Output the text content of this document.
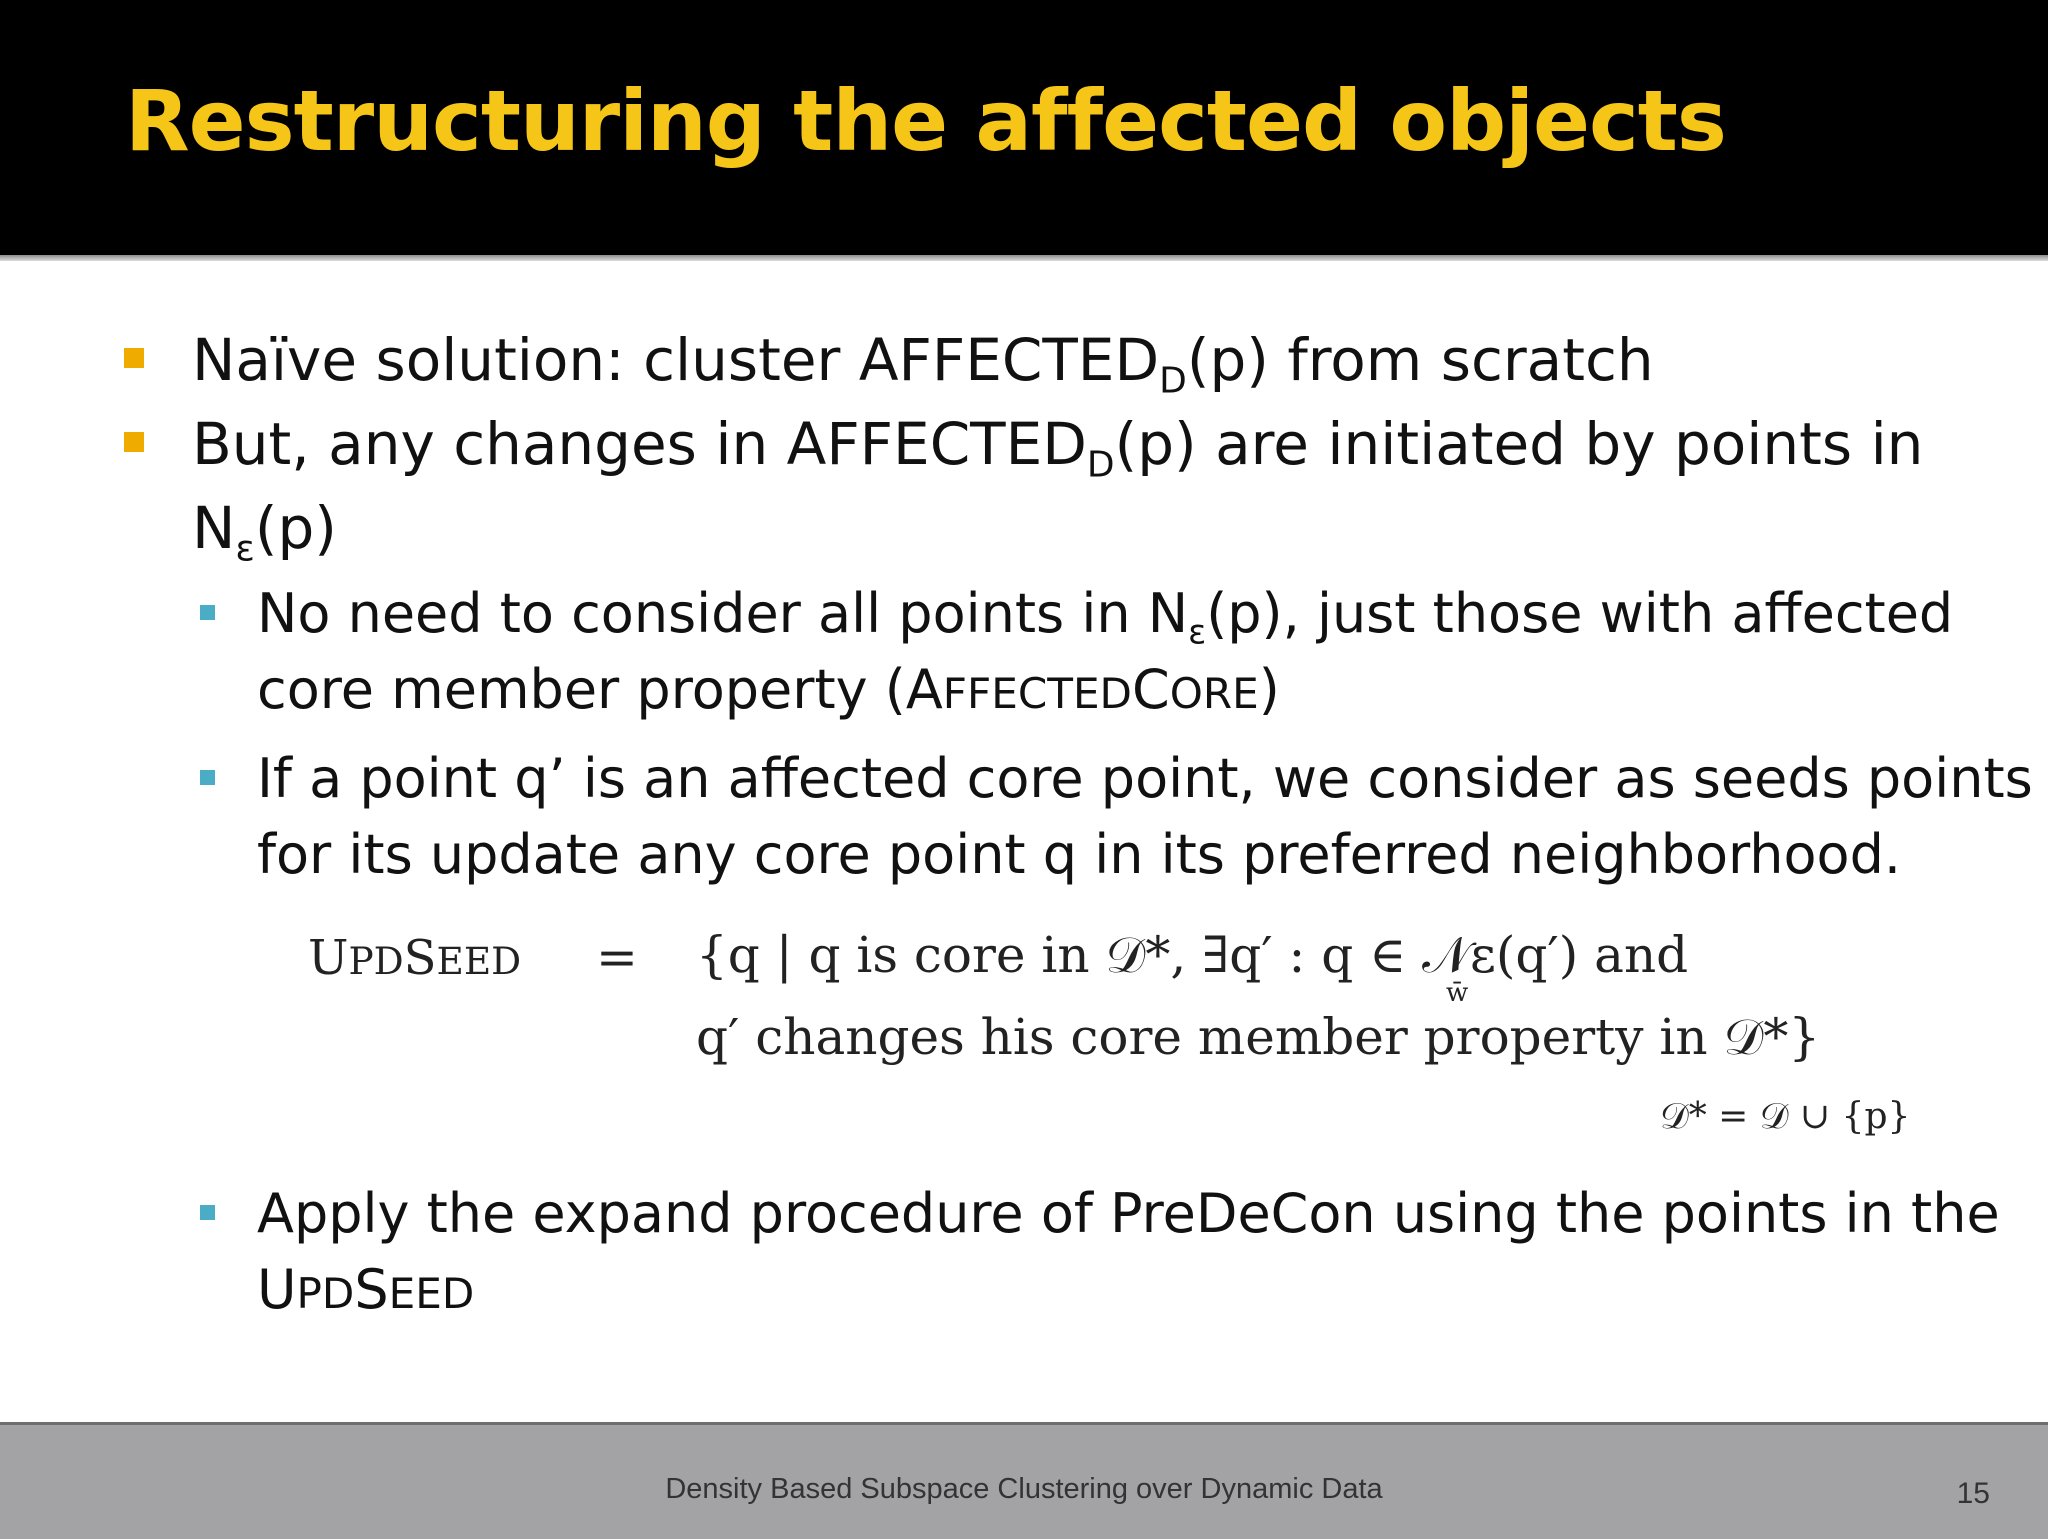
Restructuring the affected objects
Naïve solution: cluster $AFFECTED_D(p)$ from scratch
But, any changes in $AFFECTED_D(p)$ are initiated by points in
$N_\varepsilon(p)$
No need to consider all points in $N_\varepsilon(p)$, just those with affected
core member property (AFFECTEDCORE)
If a point q’ is an affected core point, we consider as seeds points
for its update any core point q in its preferred neighborhood.
UPDSEED = {q | q is core in 𝒟*, ∃q′ : q ∈ 𝒩ε(q′) and
w̄
q′ changes his core member property in 𝒟*}
𝒟* = 𝒟 ∪ {p}
Apply the expand procedure of PreDeCon using the points in the
UPDSEED
Density Based Subspace Clustering over Dynamic Data	15
